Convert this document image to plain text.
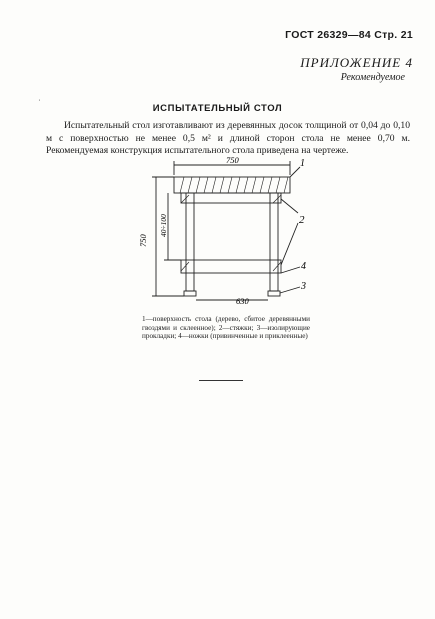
ГОСТ 26329—84 Стр. 21
ПРИЛОЖЕНИЕ 4
Рекомендуемое
˙
ИСПЫТАТЕЛЬНЫЙ СТОЛ

Испытательный стол изготавливают из деревянных досок толщиной от 0,04 до 0,10 м с поверхностью не менее 0,5 м² и длиной сторон стола не менее 0,70 м. Рекомендуемая конструкция испытательного стола приведена на чертеже.

750
630
750
40÷100
1
2
4
3
1—поверхность стола (дерево, сбитое деревянными гвоздями и склеенное); 2—стяжки; 3—изолирующие прокладки; 4—ножки (привинченные и приклеенные)
